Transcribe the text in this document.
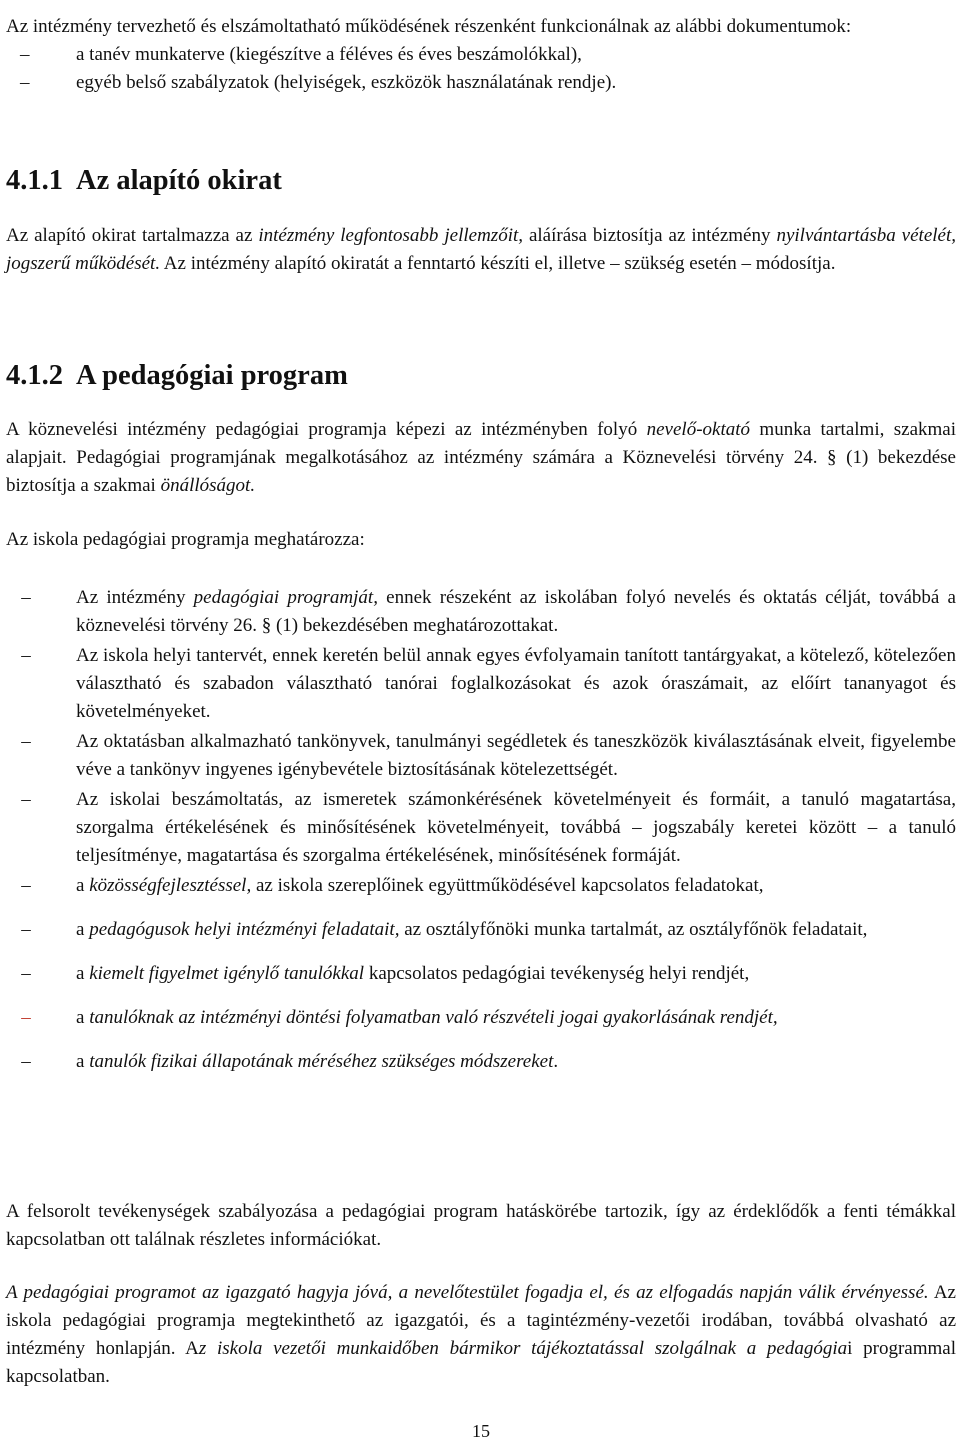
Az intézmény tervezhető és elszámoltatható működésének részenként funkcionálnak az alábbi dokumentumok:

– a tanév munkaterve (kiegészítve a féléves és éves beszámolókkal),
– egyéb belső szabályzatok (helyiségek, eszközök használatának rendje).
4.1.1 Az alapító okirat

Az alapító okirat tartalmazza az intézmény legfontosabb jellemzőit, aláírása biztosítja az intézmény nyilvántartásba vételét, jogszerű működését. Az intézmény alapító okiratát a fenntartó készíti el, illetve – szükség esetén – módosítja.

4.1.2 A pedagógiai program

A köznevelési intézmény pedagógiai programja képezi az intézményben folyó nevelő-oktató munka tartalmi, szakmai alapjait. Pedagógiai programjának megalkotásához az intézmény számára a Köznevelési törvény 24. § (1) bekezdése biztosítja a szakmai önállóságot.

Az iskola pedagógiai programja meghatározza:

–	Az intézmény pedagógiai programját, ennek részeként az iskolában folyó nevelés és oktatás célját, továbbá a köznevelési törvény 26. § (1) bekezdésében meghatározottakat.
–	Az iskola helyi tantervét, ennek keretén belül annak egyes évfolyamain tanított tantárgyakat, a kötelező, kötelezően választható és szabadon választható tanórai foglalkozásokat és azok óraszámait, az előírt tananyagot és követelményeket.
–	Az oktatásban alkalmazható tankönyvek, tanulmányi segédletek és taneszközök kiválasztásának elveit, figyelembe véve a tankönyv ingyenes igénybevétele biztosításának kötelezettségét.
–	Az iskolai beszámoltatás, az ismeretek számonkérésének követelményeit és formáit, a tanuló magatartása, szorgalma értékelésének és minősítésének követelményeit, továbbá – jogszabály keretei között – a tanuló teljesítménye, magatartása és szorgalma értékelésének, minősítésének formáját.
–	a közösségfejlesztéssel, az iskola szereplőinek együttműködésével kapcsolatos feladatokat,
–	a pedagógusok helyi intézményi feladatait, az osztályfőnöki munka tartalmát, az osztályfőnök feladatait,
–	a kiemelt figyelmet igénylő tanulókkal kapcsolatos pedagógiai tevékenység helyi rendjét,
–	a tanulóknak az intézményi döntési folyamatban való részvételi jogai gyakorlásának rendjét,
–	a tanulók fizikai állapotának méréséhez szükséges módszereket.

A felsorolt tevékenységek szabályozása a pedagógiai program hatáskörébe tartozik, így az érdeklődők a fenti témákkal kapcsolatban ott találnak részletes információkat.

A pedagógiai programot az igazgató hagyja jóvá, a nevelőtestület fogadja el, és az elfogadás napján válik érvényessé. Az iskola pedagógiai programja megtekinthető az igazgatói, és a tagintézmény-vezetői irodában, továbbá olvasható az intézmény honlapján. Az iskola vezetői munkaidőben bármikor tájékoztatással szolgálnak a pedagógiai programmal kapcsolatban.

15
